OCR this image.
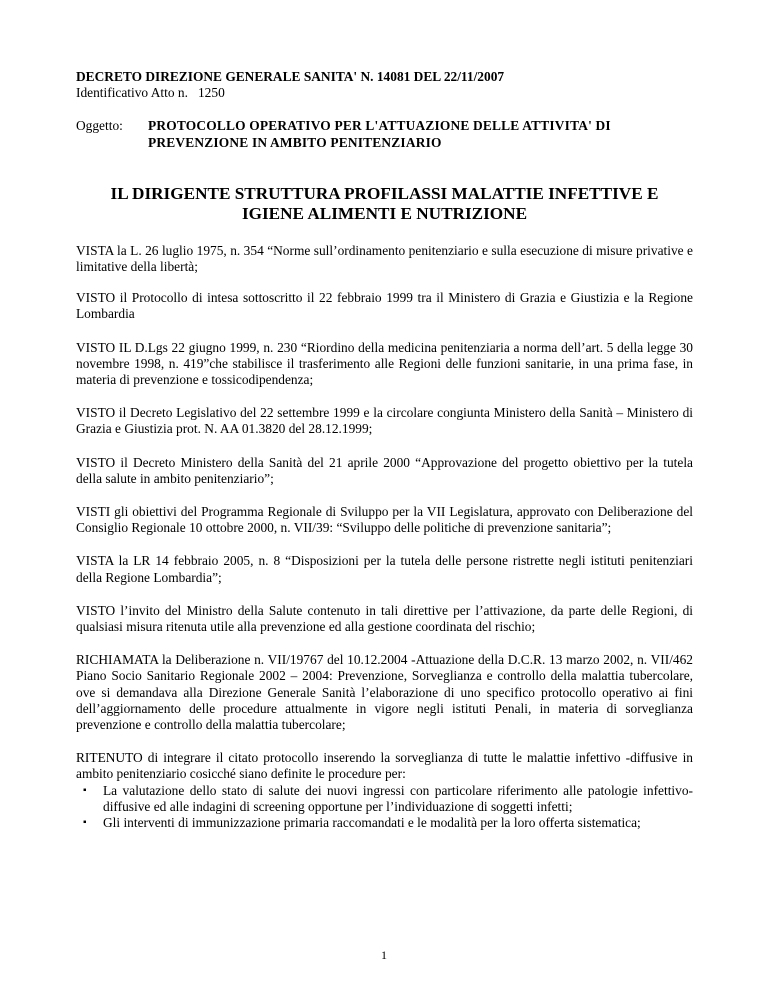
DECRETO DIREZIONE GENERALE SANITA' N. 14081 DEL 22/11/2007
Identificativo Atto n.   1250
Oggetto:	PROTOCOLLO OPERATIVO PER L'ATTUAZIONE DELLE ATTIVITA' DI PREVENZIONE IN AMBITO PENITENZIARIO
IL DIRIGENTE STRUTTURA PROFILASSI MALATTIE INFETTIVE E IGIENE ALIMENTI E NUTRIZIONE

VISTA la L. 26 luglio 1975, n. 354 “Norme sull’ordinamento penitenziario e sulla esecuzione di misure privative e limitative della libertà;

VISTO il Protocollo di intesa sottoscritto il 22 febbraio 1999 tra il Ministero di Grazia e Giustizia e la Regione Lombardia

VISTO IL D.Lgs 22 giugno 1999, n. 230 “Riordino della medicina penitenziaria a norma dell’art. 5 della legge 30 novembre 1998, n. 419”che stabilisce il trasferimento alle Regioni delle funzioni sanitarie, in una prima fase, in materia di prevenzione e tossicodipendenza;

VISTO il Decreto Legislativo del 22 settembre 1999 e la circolare congiunta Ministero della Sanità – Ministero di Grazia e Giustizia prot. N. AA 01.3820 del 28.12.1999;

VISTO il Decreto Ministero della Sanità del 21 aprile 2000 “Approvazione del progetto obiettivo per la tutela della salute in ambito penitenziario”;

VISTI gli obiettivi del Programma Regionale di Sviluppo per la VII Legislatura, approvato con Deliberazione del Consiglio Regionale 10 ottobre 2000, n. VII/39: “Sviluppo delle politiche di prevenzione sanitaria”;

VISTA la LR 14 febbraio 2005, n. 8 “Disposizioni per la tutela delle persone ristrette negli istituti penitenziari della Regione Lombardia”;

VISTO l’invito del Ministro della Salute contenuto in tali direttive per l’attivazione, da parte delle Regioni, di qualsiasi misura ritenuta utile alla prevenzione ed alla gestione coordinata del rischio;

RICHIAMATA la Deliberazione n. VII/19767 del 10.12.2004 -Attuazione della D.C.R. 13 marzo 2002, n. VII/462 Piano Socio Sanitario Regionale 2002 – 2004: Prevenzione, Sorveglianza e controllo della malattia tubercolare, ove si demandava alla Direzione Generale Sanità l’elaborazione di uno specifico protocollo operativo ai fini dell’aggiornamento delle procedure attualmente in vigore negli istituti Penali, in materia di sorveglianza prevenzione e controllo della malattia tubercolare;

RITENUTO di integrare il citato protocollo inserendo la sorveglianza di tutte le malattie infettivo -diffusive in ambito penitenziario cosicché siano definite le procedure per:

▪ La valutazione dello stato di salute dei nuovi ingressi con particolare riferimento alle patologie infettivo-diffusive ed alle indagini di screening opportune per l’individuazione di soggetti infetti;
▪ Gli interventi di immunizzazione primaria raccomandati e le modalità per la loro offerta sistematica;
1
